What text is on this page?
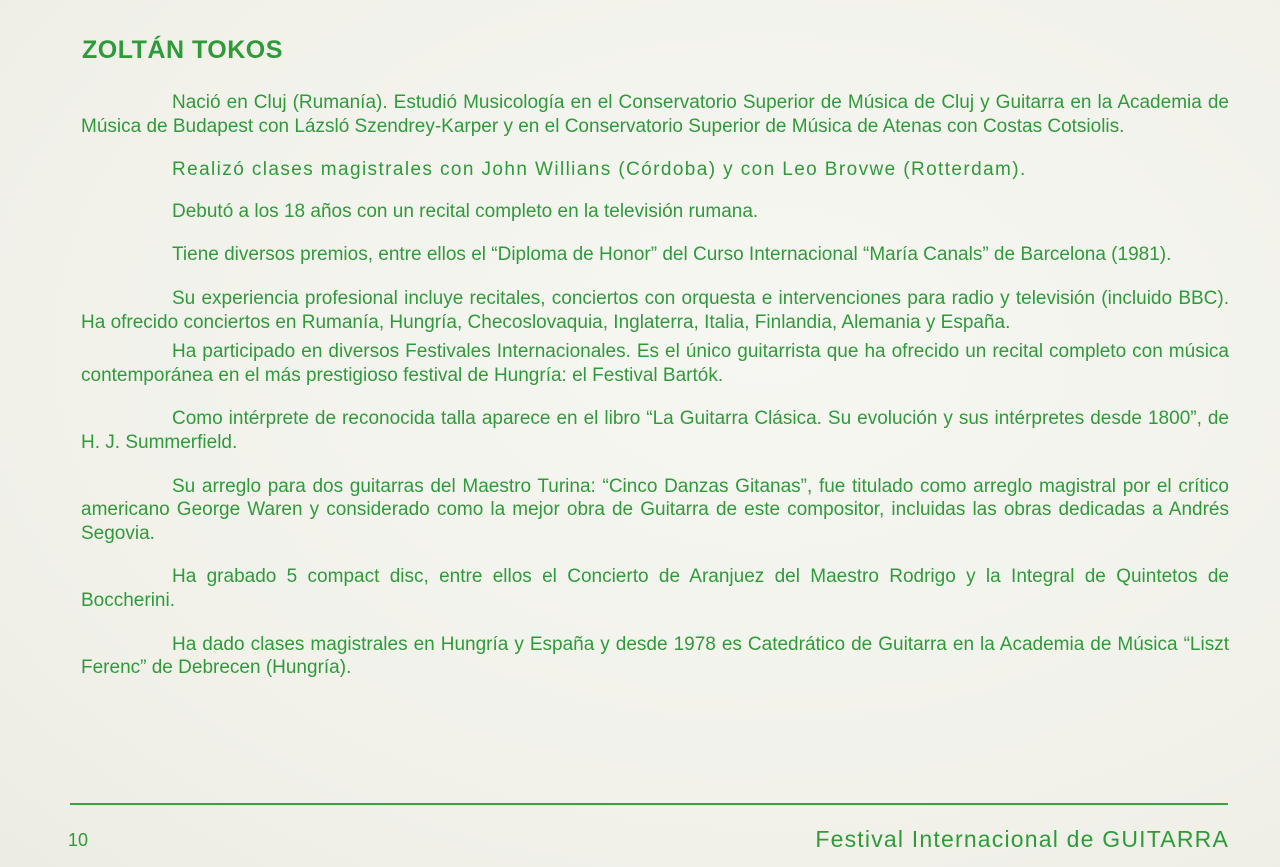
ZOLTÁN TOKOS

Nació en Cluj (Rumanía). Estudió Musicología en el Conservatorio Superior de Música de Cluj y Guitarra en la Academia de Música de Budapest con Lázsló Szendrey-Karper y en el Conservatorio Superior de Música de Atenas con Costas Cotsiolis.

Realizó clases magistrales con John Willians (Córdoba) y con Leo Brovwe (Rotterdam).

Debutó a los 18 años con un recital completo en la televisión rumana.

Tiene diversos premios, entre ellos el “Diploma de Honor” del Curso Internacional “María Canals” de Barcelona (1981).

Su experiencia profesional incluye recitales, conciertos con orquesta e intervenciones para radio y televisión (incluido BBC). Ha ofrecido conciertos en Rumanía, Hungría, Checoslovaquia, Inglaterra, Italia, Finlandia, Alemania y España.

Ha participado en diversos Festivales Internacionales. Es el único guitarrista que ha ofrecido un recital completo con música contemporánea en el más prestigioso festival de Hungría: el Festival Bartók.

Como intérprete de reconocida talla aparece en el libro “La Guitarra Clásica. Su evolución y sus intérpretes desde 1800”, de H. J. Summerfield.

Su arreglo para dos guitarras del Maestro Turina: “Cinco Danzas Gitanas”, fue titulado como arreglo magistral por el crítico americano George Waren y considerado como la mejor obra de Guitarra de este compositor, incluidas las obras dedicadas a Andrés Segovia.

Ha grabado 5 compact disc, entre ellos el Concierto de Aranjuez del Maestro Rodrigo y la Integral de Quintetos de Boccherini.

Ha dado clases magistrales en Hungría y España y desde 1978 es Catedrático de Guitarra en la Academia de Música “Liszt Ferenc” de Debrecen (Hungría).

10	Festival Internacional de GUITARRA
